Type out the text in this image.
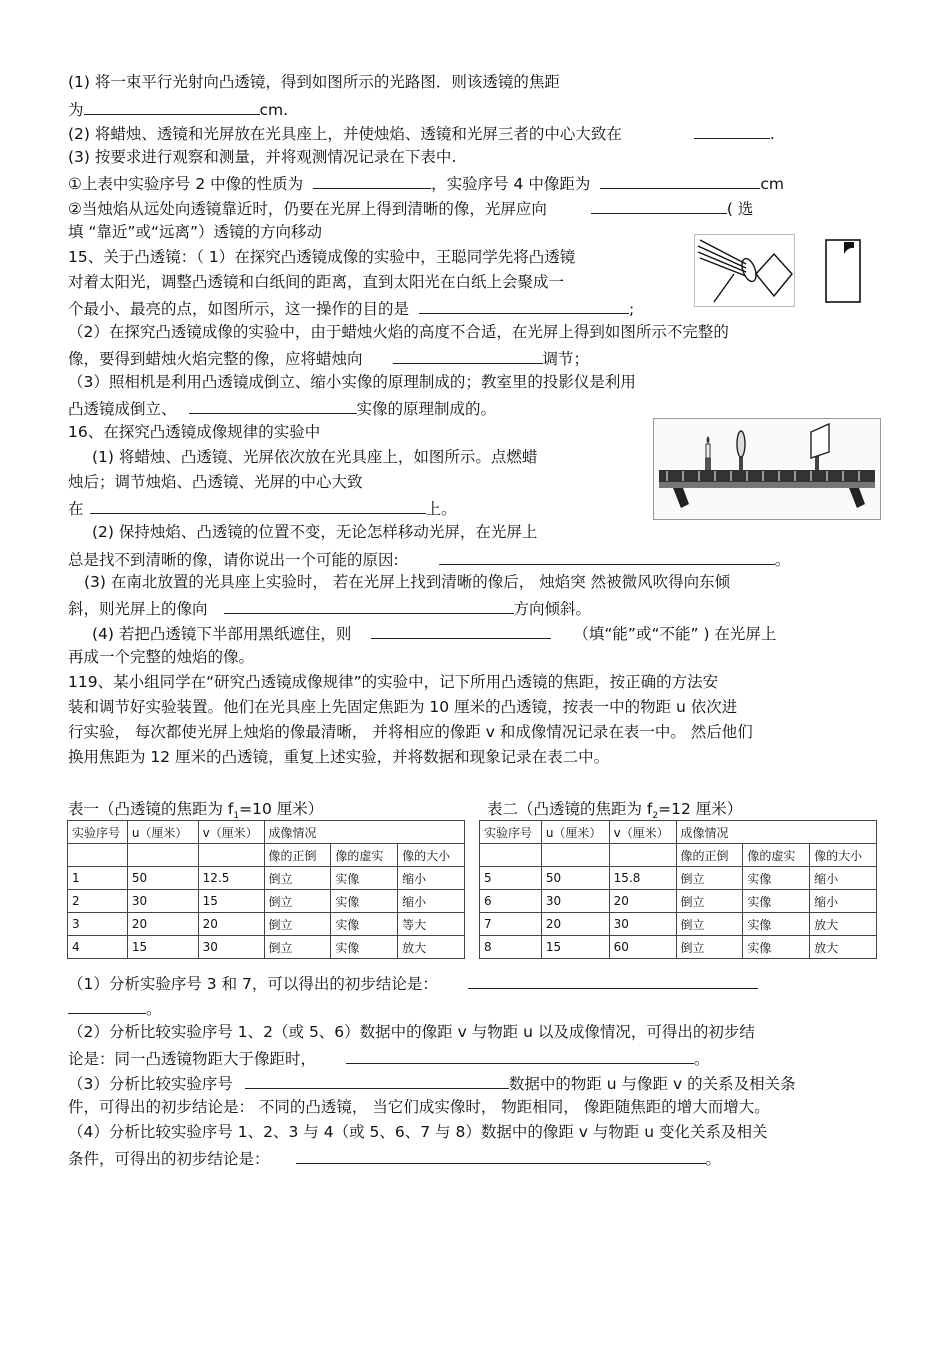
(1) 将一束平行光射向凸透镜，得到如图所示的光路图．则该透镜的焦距
为	cm.
(2) 将蜡烛、透镜和光屏放在光具座上，并使烛焰、透镜和光屏三者的中心大致在	.
(3) 按要求进行观察和测量，并将观测情况记录在下表中.
①上表中实验序号 2 中像的性质为	，实验序号 4 中像距为	cm
②当烛焰从远处向透镜靠近时，仍要在光屏上得到清晰的像，光屏应向	( 选
填 “靠近”或“远离”）透镜的方向移动
15、关于凸透镜：（ 1）在探究凸透镜成像的实验中，王聪同学先将凸透镜
对着太阳光，调整凸透镜和白纸间的距离，直到太阳光在白纸上会聚成一
个最小、最亮的点，如图所示，这一操作的目的是	;
（2）在探究凸透镜成像的实验中，由于蜡烛火焰的高度不合适，在光屏上得到如图所示不完整的
像，要得到蜡烛火焰完整的像，应将蜡烛向	调节；
（3）照相机是利用凸透镜成倒立、缩小实像的原理制成的；教室里的投影仪是利用
凸透镜成倒立、	实像的原理制成的。
16、在探究凸透镜成像规律的实验中
(1) 将蜡烛、凸透镜、光屏依次放在光具座上，如图所示。点燃蜡
烛后；调节烛焰、凸透镜、光屏的中心大致
在	上。
(2) 保持烛焰、凸透镜的位置不变，无论怎样移动光屏，在光屏上
总是找不到清晰的像，请你说出一个可能的原因:	。
(3) 在南北放置的光具座上实验时， 若在光屏上找到清晰的像后， 烛焰突 然被微风吹得向东倾
斜，则光屏上的像向	方向倾斜。
(4) 若把凸透镜下半部用黑纸遮住，则	（填“能”或“不能” ) 在光屏上
再成一个完整的烛焰的像。
119、某小组同学在“研究凸透镜成像规律”的实验中，记下所用凸透镜的焦距，按正确的方法安
装和调节好实验装置。他们在光具座上先固定焦距为 10 厘米的凸透镜，按表一中的物距 u 依次进
行实验， 每次都使光屏上烛焰的像最清晰， 并将相应的像距 v 和成像情况记录在表一中。 然后他们
换用焦距为 12 厘米的凸透镜，重复上述实验，并将数据和现象记录在表二中。
表一（凸透镜的焦距为 $f_1=10$ 厘米）	表二（凸透镜的焦距为 $f_2=12$ 厘米）
实验序号	u（厘米）	v（厘米）	成像情况		
			像的正倒	像的虚实	像的大小
1	50	12.5	倒立	实像	缩小
2	30	15	倒立	实像	缩小
3	20	20	倒立	实像	等大
4	15	30	倒立	实像	放大
实验序号	u（厘米）	v（厘米）	成像情况		
			像的正倒	像的虚实	像的大小
5	50	15.8	倒立	实像	缩小
6	30	20	倒立	实像	缩小
7	20	30	倒立	实像	放大
8	15	60	倒立	实像	放大
（1）分析实验序号 3 和 7，可以得出的初步结论是：
。
（2）分析比较实验序号 1、2（或 5、6）数据中的像距 v 与物距 u 以及成像情况，可得出的初步结
论是：同一凸透镜物距大于像距时，	。
（3）分析比较实验序号	数据中的物距 u 与像距 v 的关系及相关条
件，可得出的初步结论是： 不同的凸透镜， 当它们成实像时， 物距相同， 像距随焦距的增大而增大。
（4）分析比较实验序号 1、2、3 与 4（或 5、6、7 与 8）数据中的像距 v 与物距 u 变化关系及相关
条件，可得出的初步结论是：	。
